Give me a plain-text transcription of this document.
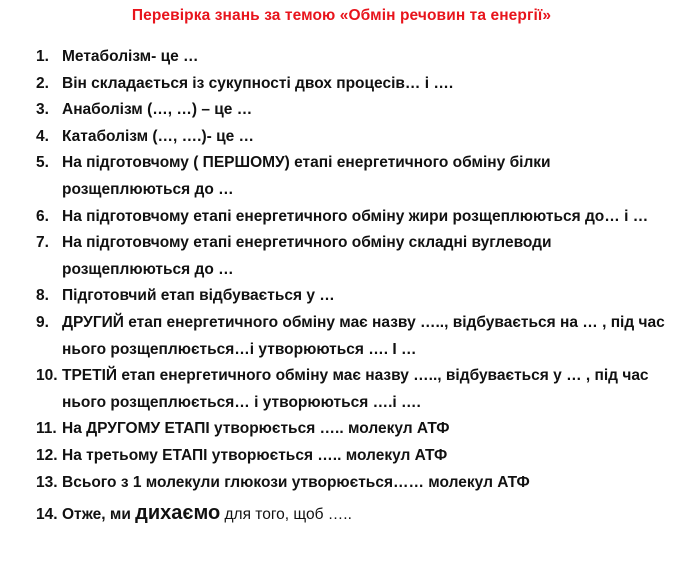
Перевірка знань за темою «Обмін речовин та енергії»
1. Метаболізм- це …
2. Він складається із сукупності двох процесів… і ….
3. Анаболізм (…, …) – це …
4. Катаболізм (…, ….)- це …
5. На підготовчому ( ПЕРШОМУ) етапі енергетичного обміну білки розщеплюються до …
6. На підготовчому етапі енергетичного обміну жири розщеплюються до… і …
7. На підготовчому етапі енергетичного обміну складні вуглеводи розщеплюються до …
8. Підготовчий етап відбувається у …
9. ДРУГИЙ етап енергетичного обміну має назву ….., відбувається на … , під час нього розщеплюється…і утворюються …. І …
10. ТРЕТІЙ етап енергетичного обміну має назву ….., відбувається у … , під час нього розщеплюється… і утворюються ….і ….
11. На ДРУГОМУ ЕТАПІ утворюється ….. молекул АТФ
12. На третьому ЕТАПІ утворюється ….. молекул АТФ
13. Всього з 1 молекули глюкози утворюється…… молекул АТФ
14. Отже, ми дихаємо для того, щоб …..
